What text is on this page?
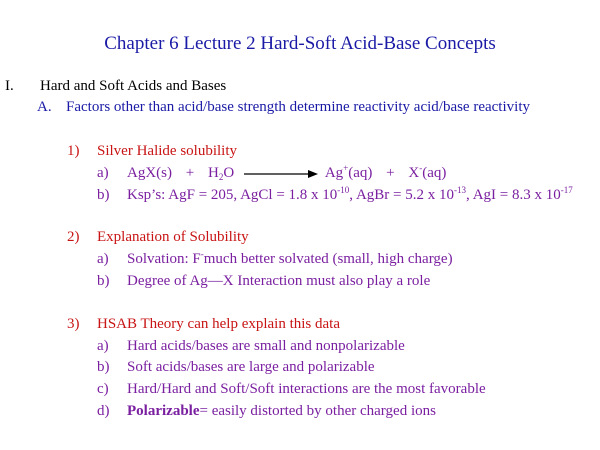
Chapter 6 Lecture 2 Hard-Soft Acid-Base Concepts
I. Hard and Soft Acids and Bases
A. Factors other than acid/base strength determine reactivity acid/base reactivity
1) Silver Halide solubility
a) $AgX(s) + H_2O$	Ag+(aq) + X-(aq)
b) Ksp’s: AgF = 205, AgCl = 1.8 x $10^{-10}$, AgBr = 5.2 x $10^{-13}$, AgI = 8.3 x $10^{-17}$
2) Explanation of Solubility
a) Solvation: F-much better solvated (small, high charge)
b) Degree of Ag—X Interaction must also play a role
3) HSAB Theory can help explain this data
a) Hard acids/bases are small and nonpolarizable
b) Soft acids/bases are large and polarizable
c) Hard/Hard and Soft/Soft interactions are the most favorable
d) Polarizable= easily distorted by other charged ions
